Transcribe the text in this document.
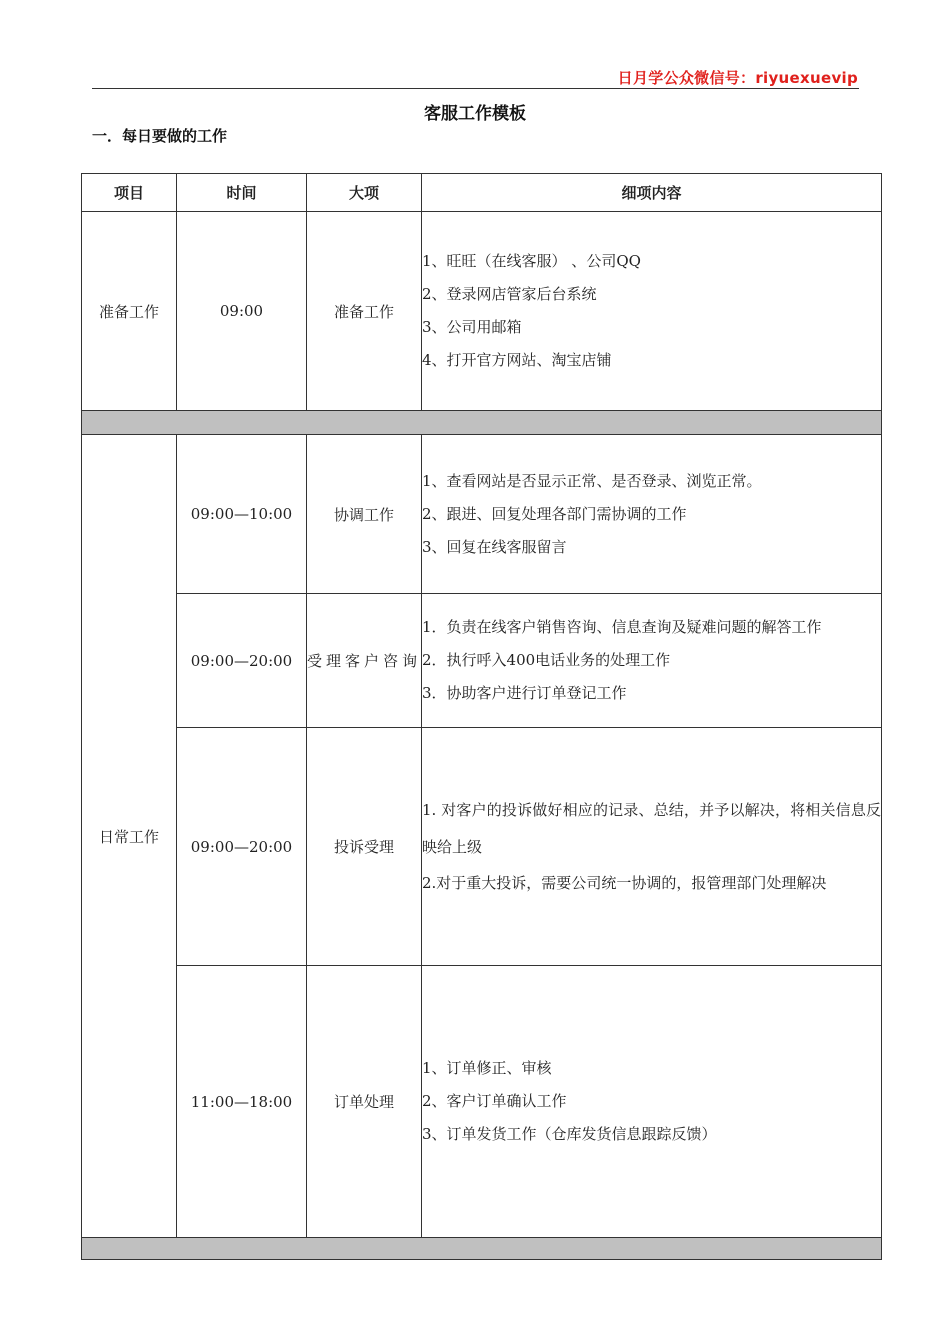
日月学公众微信号：riyuexuevip
客服工作模板
一．每日要做的工作
项目	时间	大项	细项内容
准备工作	09:00	准备工作	1、旺旺（在线客服） 、公司QQ
2、登录网店管家后台系统
3、公司用邮箱
4、打开官方网站、淘宝店铺

日常工作	09:00—10:00	协调工作	1、查看网站是否显示正常、是否登录、浏览正常。
2、跟进、回复处理各部门需协调的工作
3、回复在线客服留言

	09:00—20:00	受理客户咨询	1．负责在线客户销售咨询、信息查询及疑难问题的解答工作
2．执行呼入400电话业务的处理工作
3．协助客户进行订单登记工作

	09:00—20:00	投诉受理	1. 对客户的投诉做好相应的记录、总结，并予以解决，将相关信息反映给上级
2.对于重大投诉，需要公司统一协调的，报管理部门处理解决

	11:00—18:00	订单处理	1、订单修正、审核
2、客户订单确认工作
3、订单发货工作（仓库发货信息跟踪反馈）
